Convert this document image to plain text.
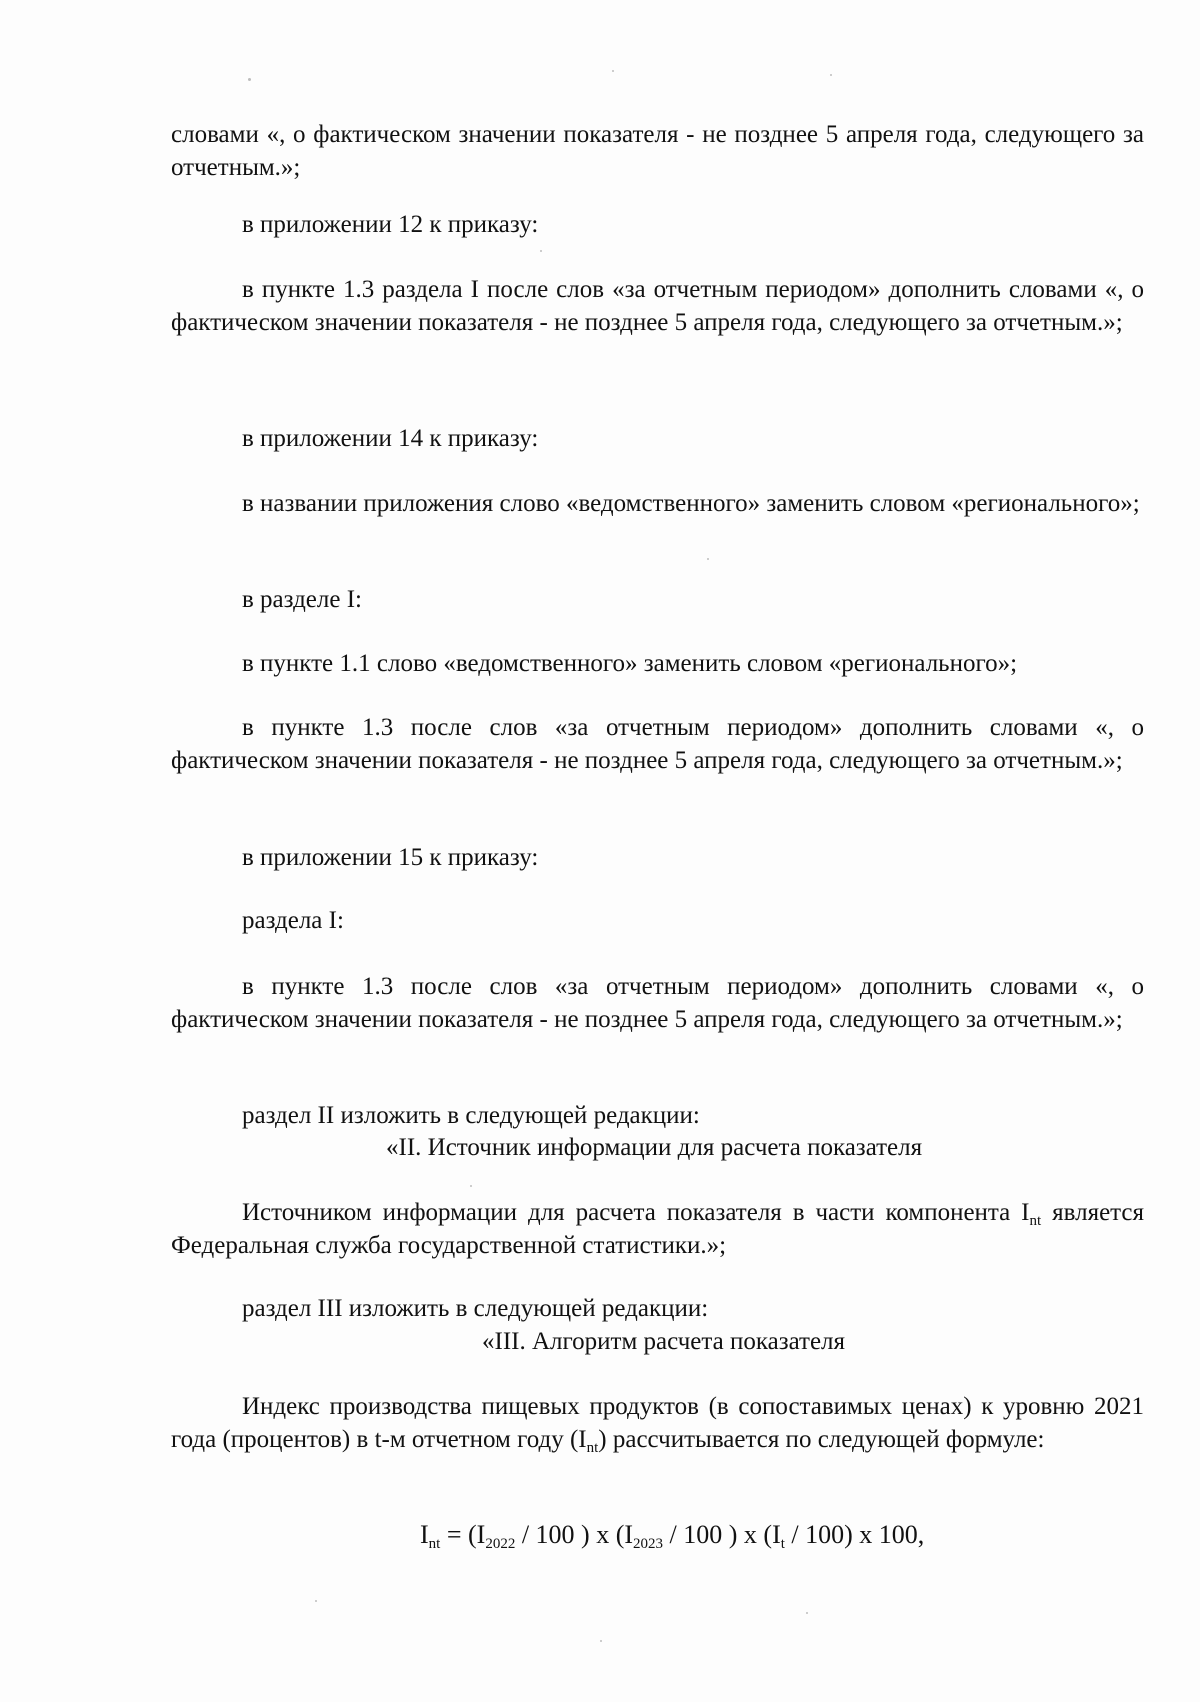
словами «, о фактическом значении показателя - не позднее 5 апреля года, следующего за отчетным.»;

в приложении 12 к приказу:

в пункте 1.3 раздела I после слов «за отчетным периодом» дополнить словами «, о фактическом значении показателя - не позднее 5 апреля года, следующего за отчетным.»;

в приложении 14 к приказу:

в названии приложения слово «ведомственного» заменить словом «регионального»;

в разделе I:

в пункте 1.1 слово «ведомственного» заменить словом «регионального»;

в пункте 1.3 после слов «за отчетным периодом» дополнить словами «, о фактическом значении показателя - не позднее 5 апреля года, следующего за отчетным.»;

в приложении 15 к приказу:

раздела I:

в пункте 1.3 после слов «за отчетным периодом» дополнить словами «, о фактическом значении показателя - не позднее 5 апреля года, следующего за отчетным.»;

раздел II изложить в следующей редакции:

«II. Источник информации для расчета показателя

Источником информации для расчета показателя в части компонента $I_{nt}$ является Федеральная служба государственной статистики.»;

раздел III изложить в следующей редакции:

«III. Алгоритм расчета показателя

Индекс производства пищевых продуктов (в сопоставимых ценах) к уровню 2021 года (процентов) в t-м отчетном году $(I_{nt})$ рассчитывается по следующей формуле:

$I_{nt} = (I_{2022} / 100$ ) x ($I_{2023} / 100$ ) x $(I_t / 100)$ x 100,
